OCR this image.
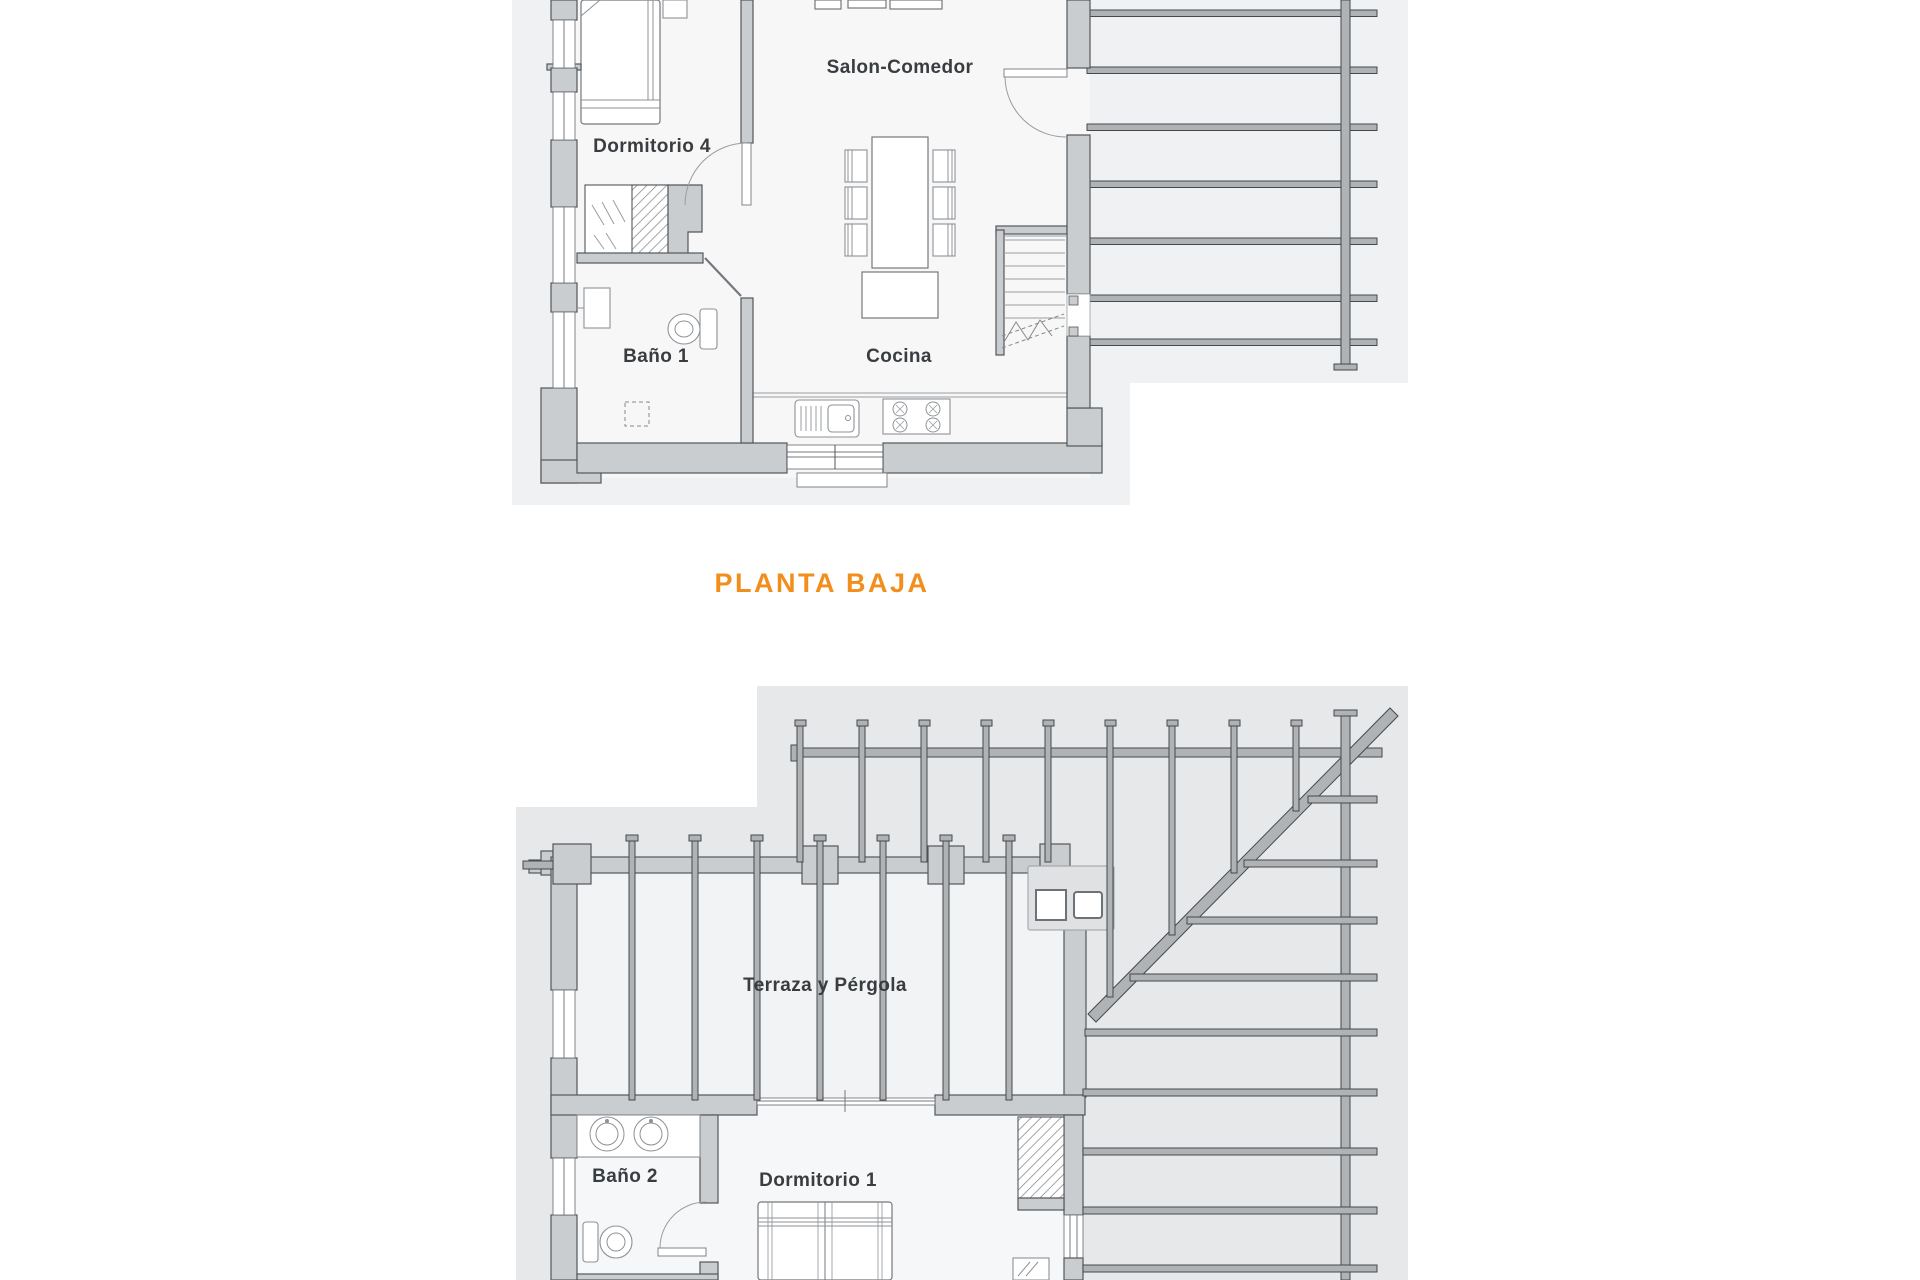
Salon-Comedor
Dormitorio 4
Baño 1	Cocina
PLANTA BAJA
Terraza y Pérgola
Baño 2	Dormitorio 1
